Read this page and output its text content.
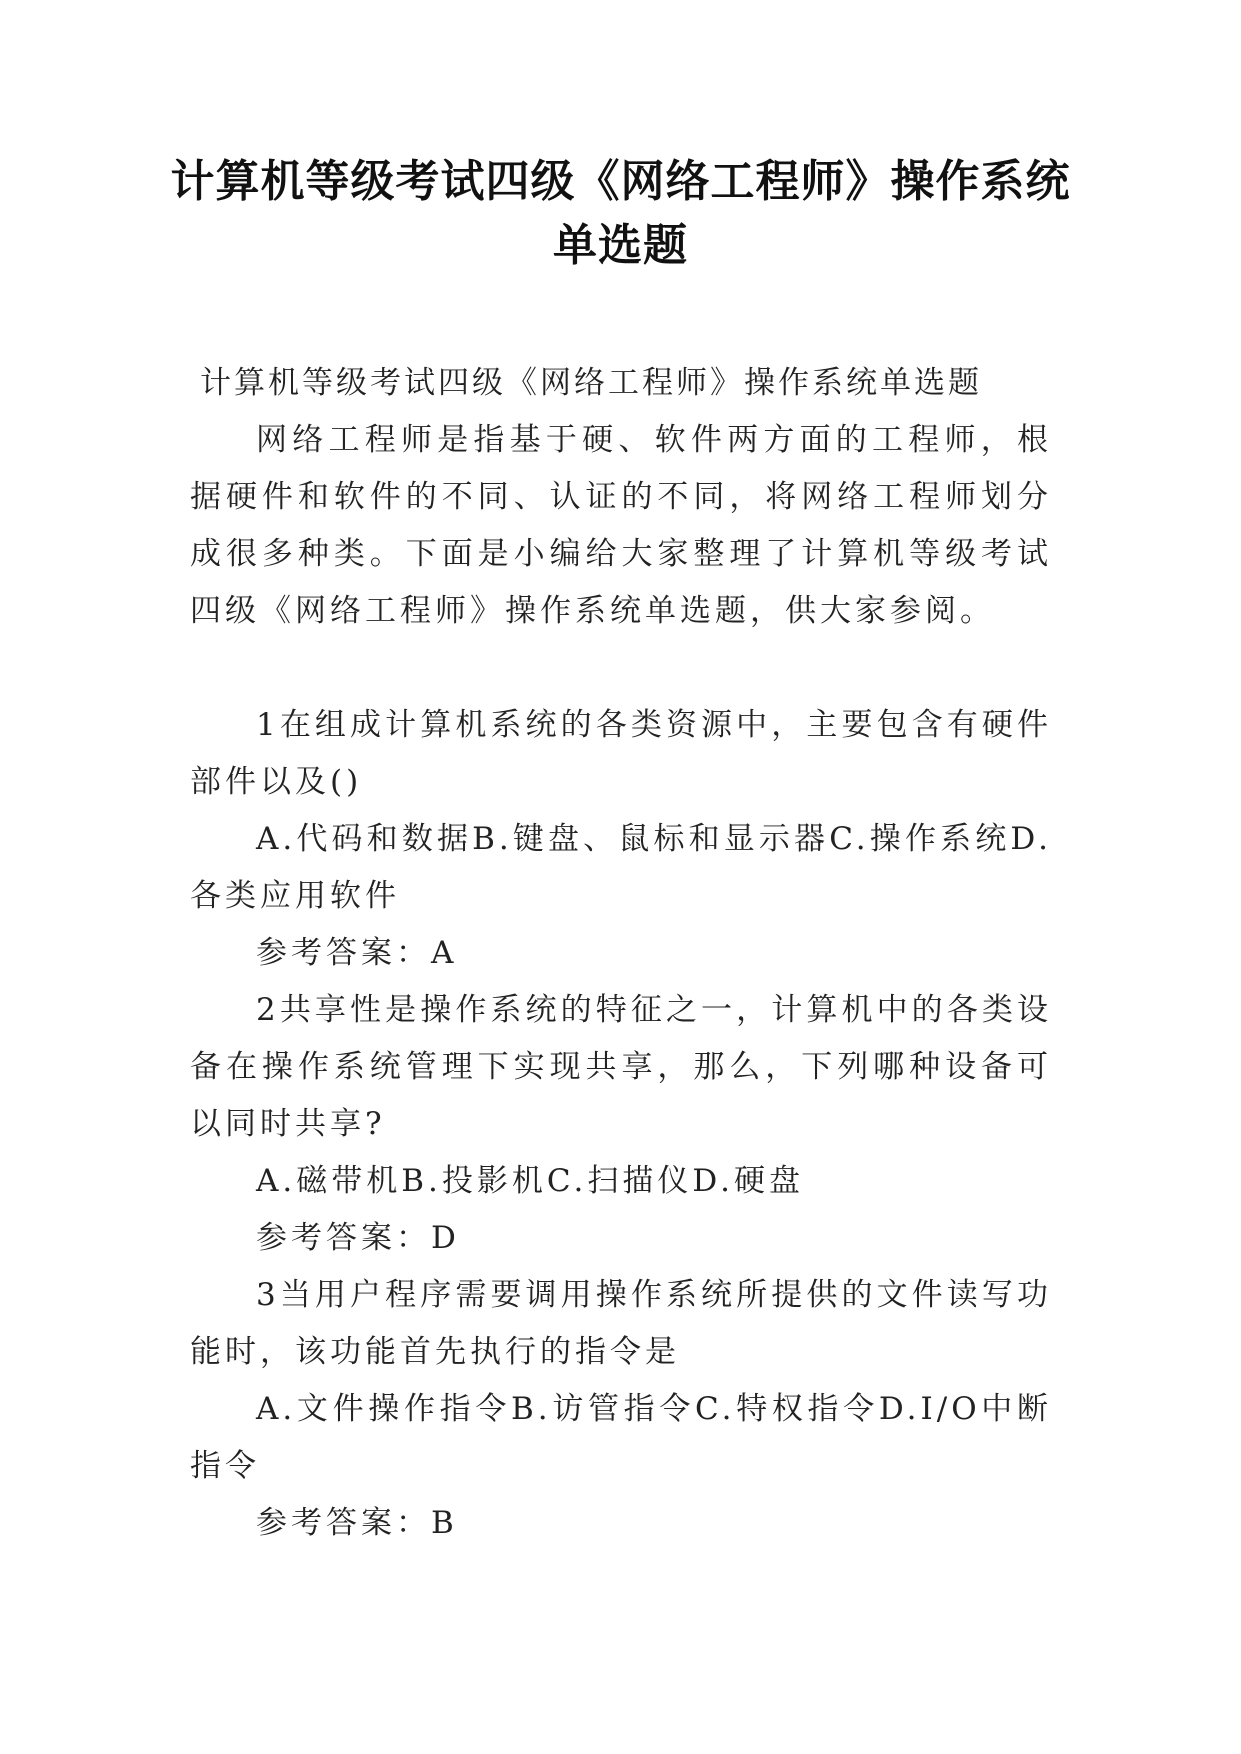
计算机等级考试四级《网络工程师》操作系统单选题

计算机等级考试四级《网络工程师》操作系统单选题

网络工程师是指基于硬、软件两方面的工程师，根据硬件和软件的不同、认证的不同，将网络工程师划分成很多种类。下面是小编给大家整理了计算机等级考试四级《网络工程师》操作系统单选题，供大家参阅。

1在组成计算机系统的各类资源中，主要包含有硬件部件以及()

A.代码和数据B.键盘、鼠标和显示器C.操作系统D.各类应用软件

参考答案：A

2共享性是操作系统的特征之一，计算机中的各类设备在操作系统管理下实现共享，那么，下列哪种设备可以同时共享?

A.磁带机B.投影机C.扫描仪D.硬盘

参考答案：D

3当用户程序需要调用操作系统所提供的文件读写功能时，该功能首先执行的指令是

A.文件操作指令B.访管指令C.特权指令D.I/O中断指令

参考答案：B
